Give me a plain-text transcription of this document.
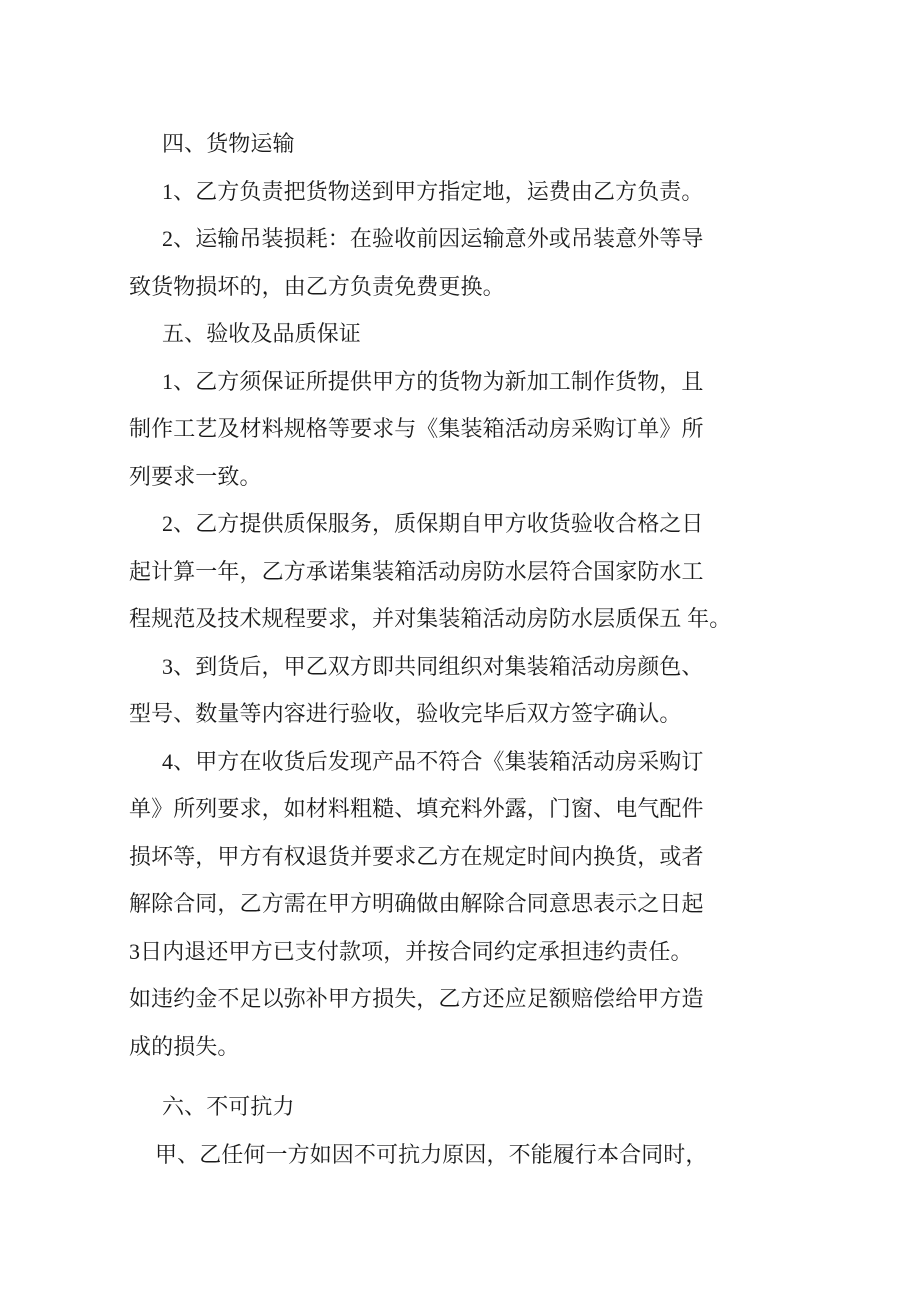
四、货物运输
1、乙方负责把货物送到甲方指定地，运费由乙方负责。
2、运输吊装损耗：在验收前因运输意外或吊装意外等导
致货物损坏的，由乙方负责免费更换。
五、验收及品质保证
1、乙方须保证所提供甲方的货物为新加工制作货物，且
制作工艺及材料规格等要求与《集装箱活动房采购订单》所
列要求一致。
2、乙方提供质保服务，质保期自甲方收货验收合格之日
起计算一年，乙方承诺集装箱活动房防水层符合国家防水工
程规范及技术规程要求，并对集装箱活动房防水层质保五 年。
3、到货后，甲乙双方即共同组织对集装箱活动房颜色、
型号、数量等内容进行验收，验收完毕后双方签字确认。
4、甲方在收货后发现产品不符合《集装箱活动房采购订
单》所列要求，如材料粗糙、填充料外露，门窗、电气配件
损坏等，甲方有权退货并要求乙方在规定时间内换货，或者
解除合同，乙方需在甲方明确做由解除合同意思表示之日起
3日内退还甲方已支付款项，并按合同约定承担违约责任。
如违约金不足以弥补甲方损失，乙方还应足额赔偿给甲方造
成的损失。
六、不可抗力
甲、乙任何一方如因不可抗力原因，不能履行本合同时，
